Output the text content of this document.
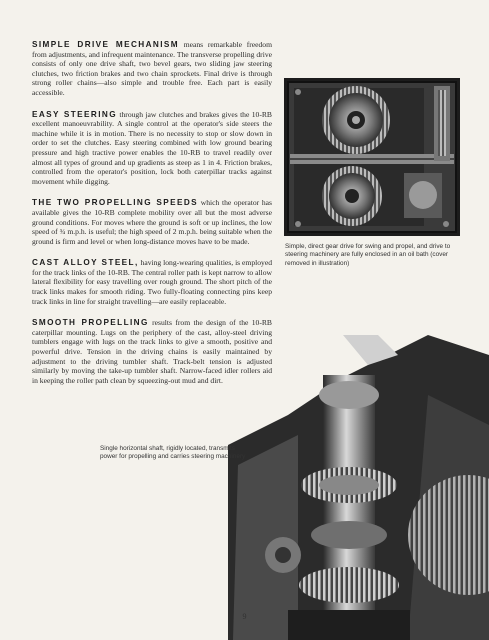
SIMPLE DRIVE MECHANISM means remarkable freedom from adjustments, and infrequent maintenance. The transverse propelling drive consists of only one drive shaft, two bevel gears, two sliding jaw steering clutches, two friction brakes and two chain sprockets. Final drive is through strong roller chains—also simple and trouble free. Each part is easily accessible.

EASY STEERING through jaw clutches and brakes gives the 10-RB excellent manoeuvrability. A single control at the operator's side steers the machine while it is in motion. There is no necessity to stop or slow down in order to set the clutches. Easy steering combined with low ground bearing pressure and high tractive power enables the 10-RB to travel readily over almost all types of ground and up gradients as steep as 1 in 4. Friction brakes, controlled from the operator's position, lock both caterpillar tracks against movement while digging.

THE TWO PROPELLING SPEEDS which the operator has available gives the 10-RB complete mobility over all but the most adverse ground conditions. For moves where the ground is soft or up inclines, the low speed of ¾ m.p.h. is useful; the high speed of 2 m.p.h. being suitable when the ground is firm and level or when long-distance moves have to be made.

CAST ALLOY STEEL, having long-wearing qualities, is employed for the track links of the 10-RB. The central roller path is kept narrow to allow lateral flexibility for easy travelling over rough ground. The short pitch of the track links makes for smooth riding. Two fully-floating connecting pins keep track links in line for straight travelling—are easily replaceable.

SMOOTH PROPELLING results from the design of the 10-RB caterpillar mounting. Lugs on the periphery of the cast, alloy-steel driving tumblers engage with lugs on the track links to give a smooth, positive and powerful drive. Tension in the driving chains is easily maintained by adjustment to the driving tumbler shaft. Track-belt tension is adjusted similarly by moving the take-up tumbler shaft. Narrow-faced idler rollers aid in keeping the roller path clean by squeezing-out mud and dirt.

Simple, direct gear drive for swing and propel, and drive to steering machinery are fully enclosed in an oil bath (cover removed in illustration)
Single horizontal shaft, rigidly located, transmits power for propelling and carries steering machinery
9
